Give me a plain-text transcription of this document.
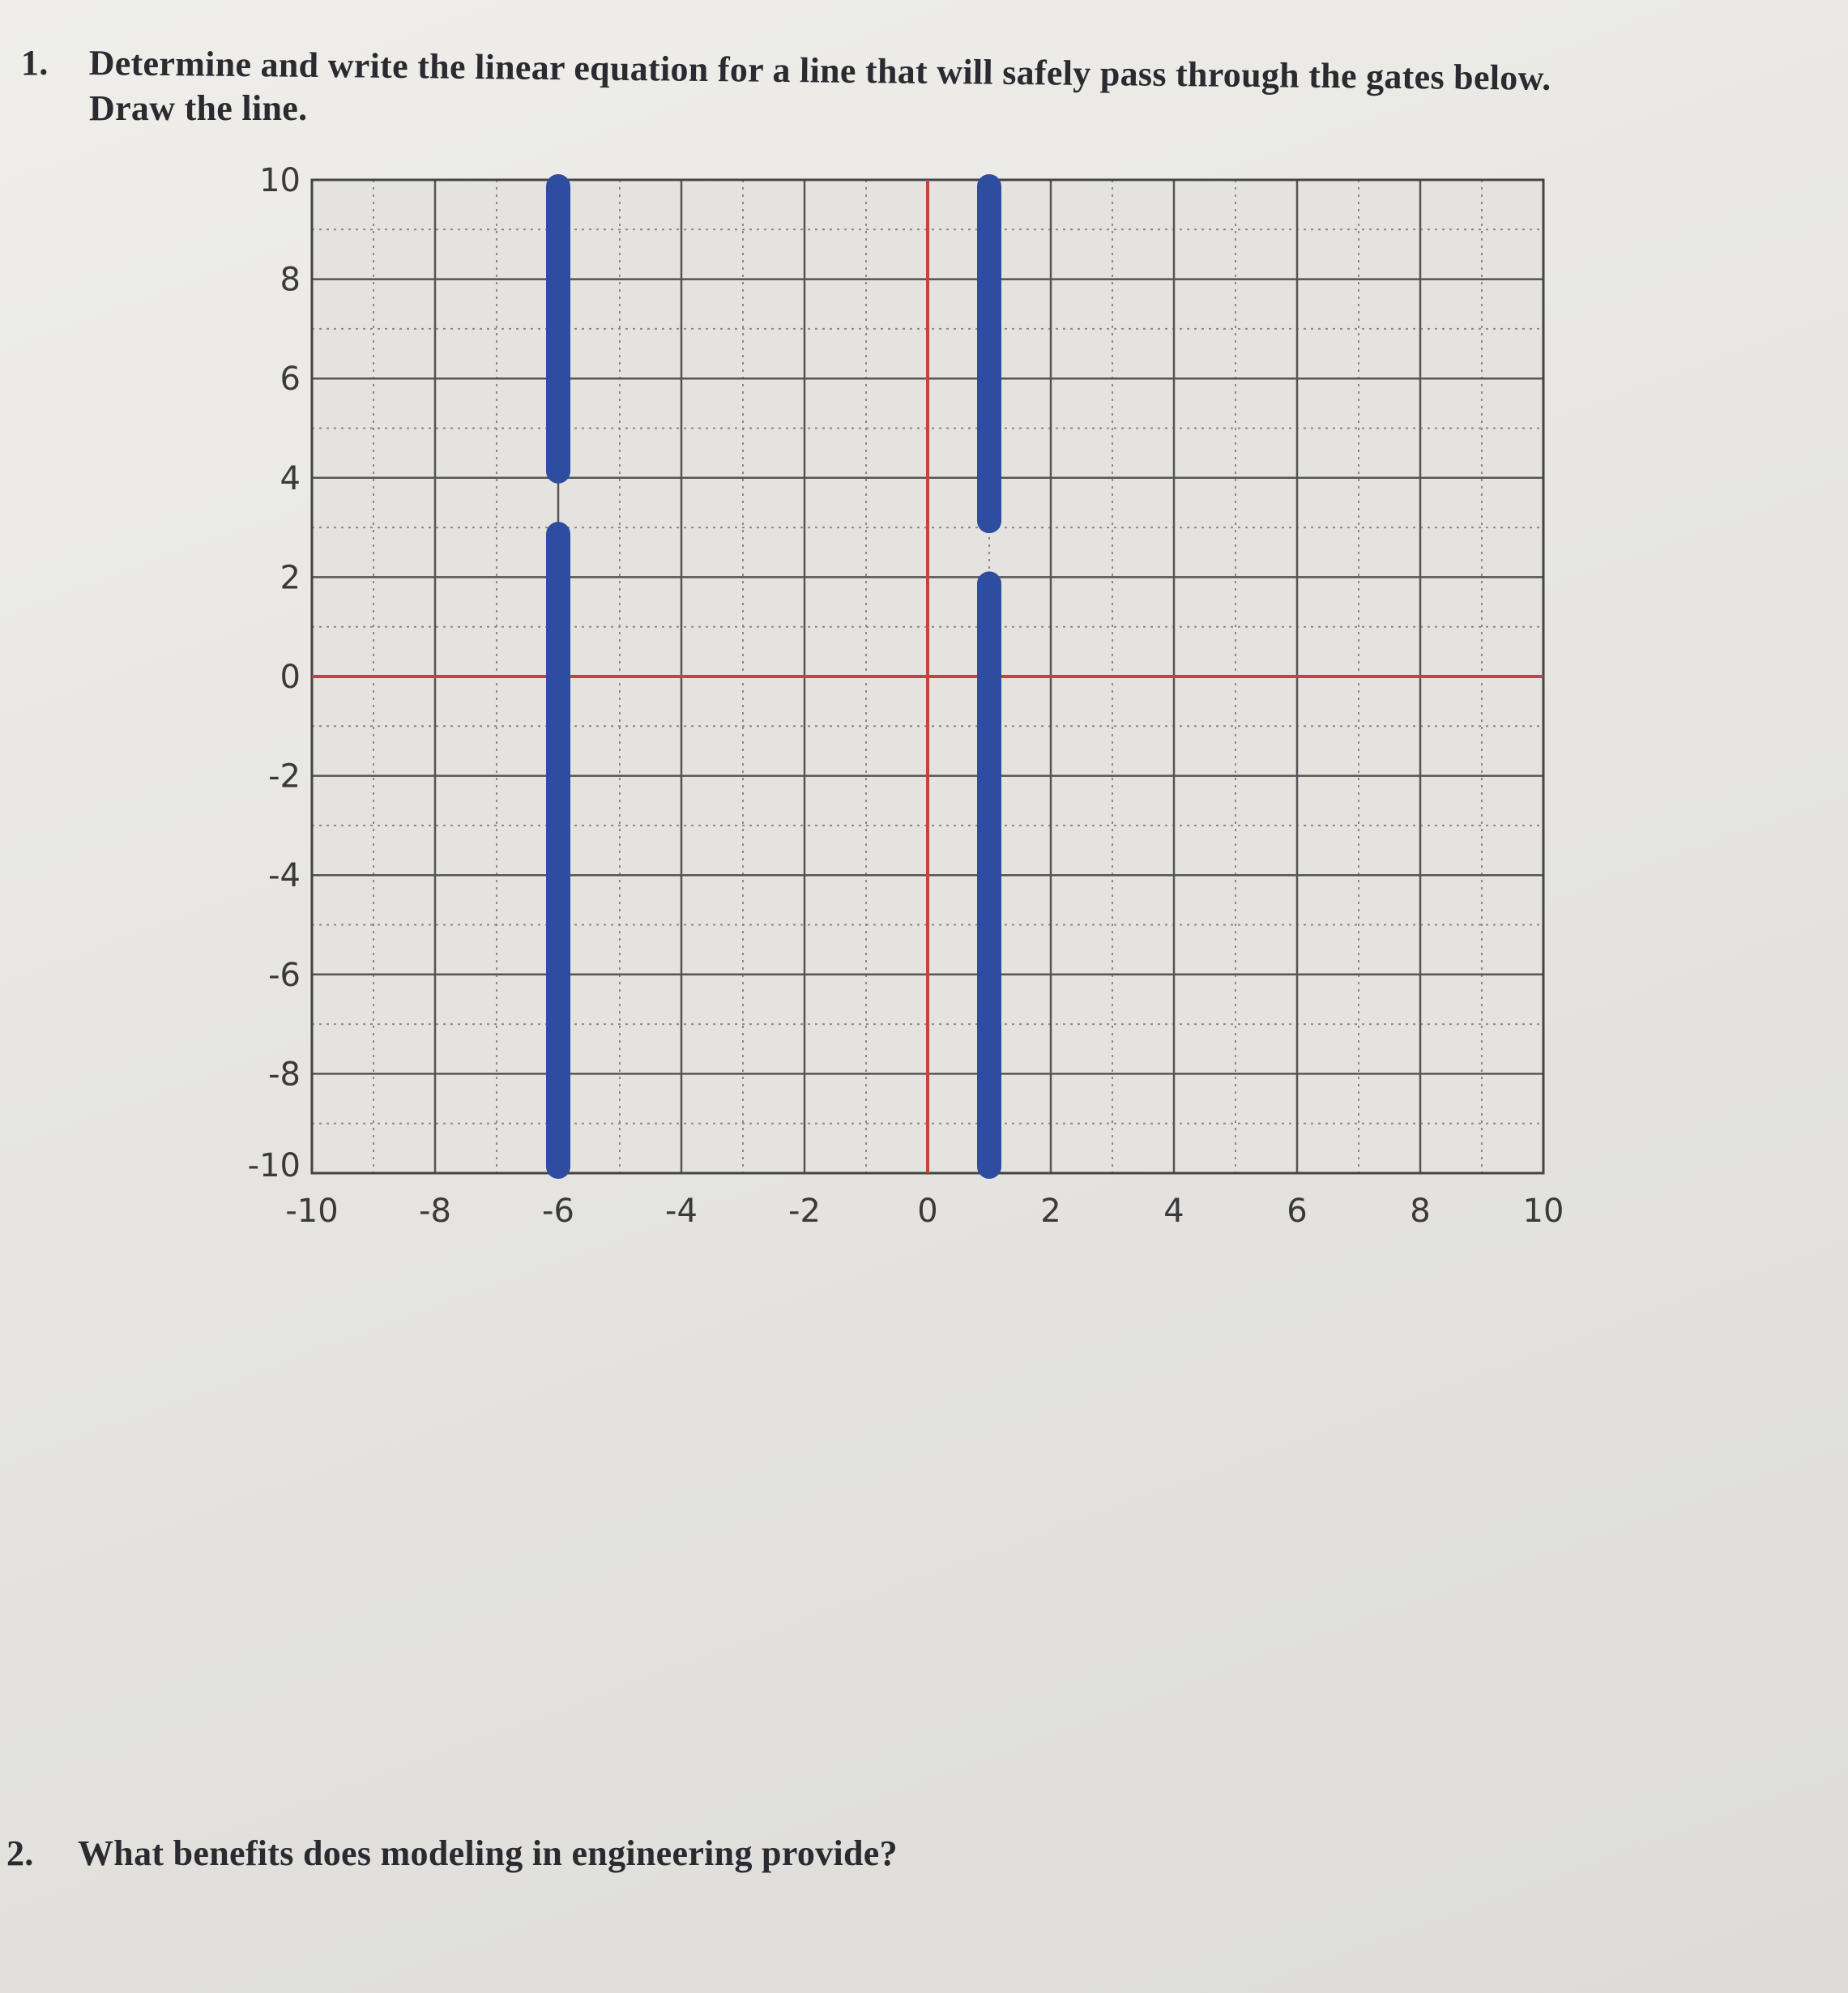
1. Determine and write the linear equation for a line that will safely pass through the gates below.
Draw the line.
-10 -8	-6	-4	-2	0	2	4	6	8	10
10
8
6
4
2
0
-2
-4
-6
-8
-10
2. What benefits does modeling in engineering provide?
